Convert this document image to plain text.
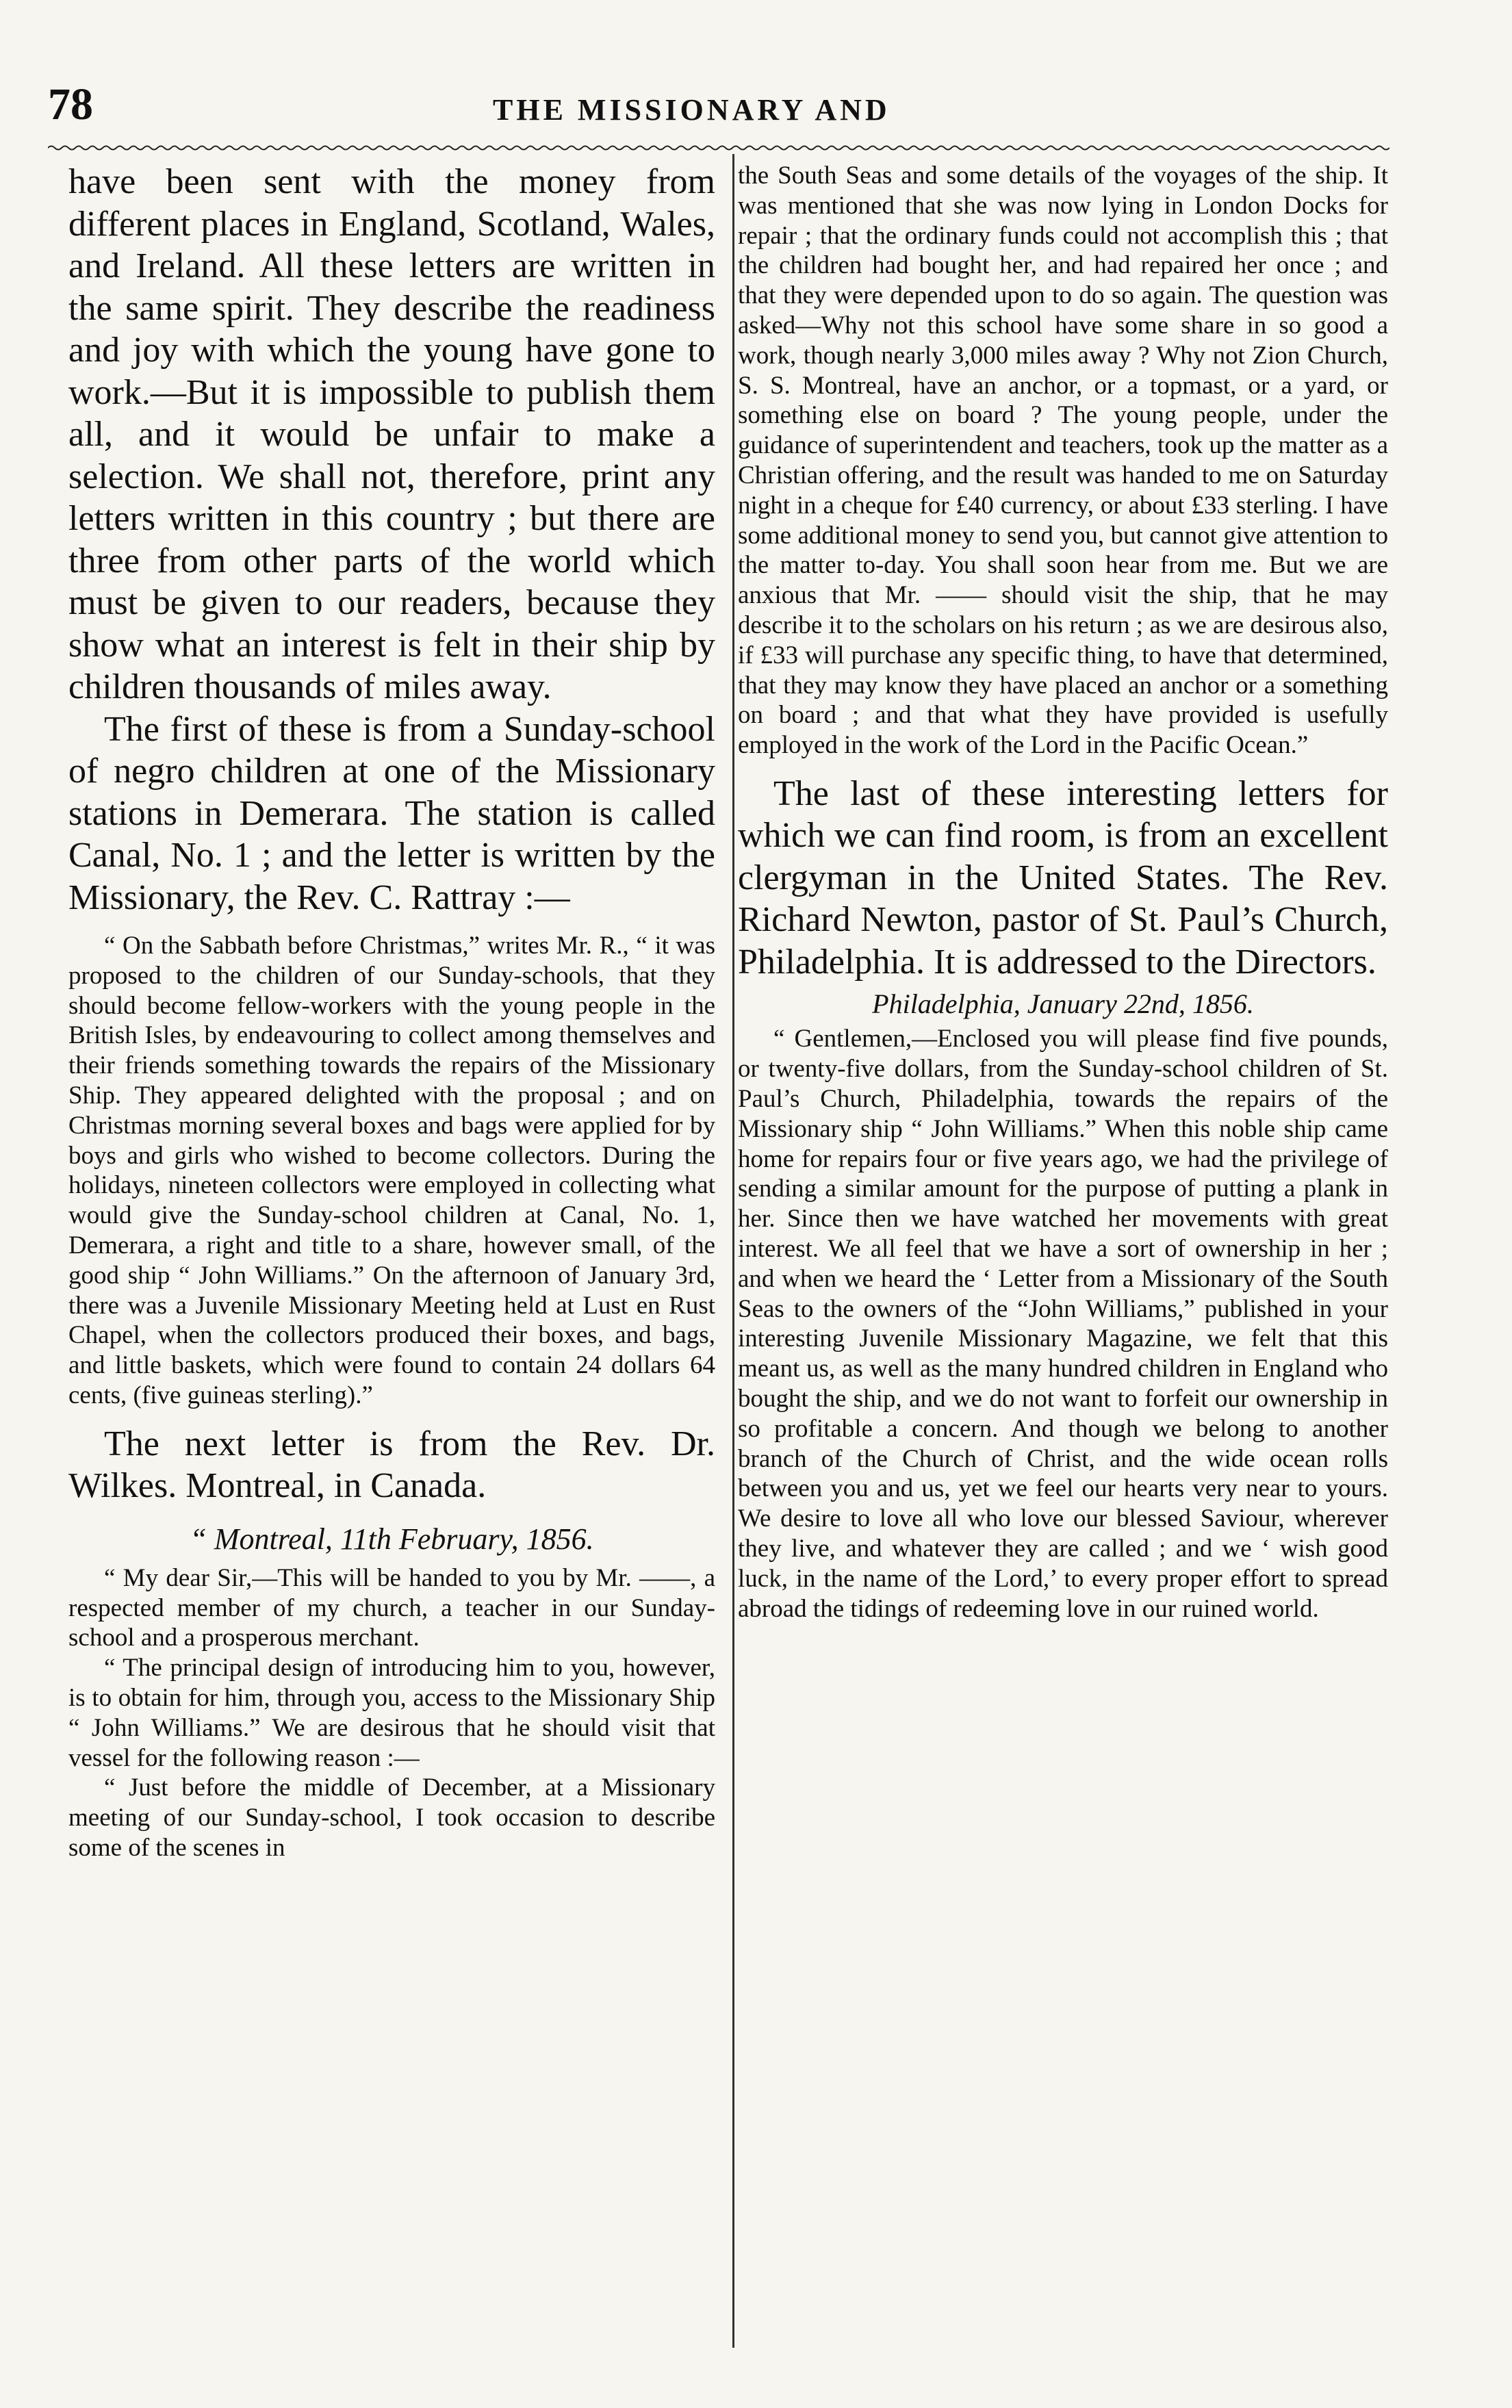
78	THE MISSIONARY AND

have been sent with the money from different places in England, Scotland, Wales, and Ireland. All these letters are written in the same spirit. They describe the readiness and joy with which the young have gone to work.—But it is impossible to publish them all, and it would be unfair to make a selection. We shall not, therefore, print any letters written in this country ; but there are three from other parts of the world which must be given to our readers, because they show what an interest is felt in their ship by children thousands of miles away.

The first of these is from a Sunday-school of negro children at one of the Missionary stations in Demerara. The station is called Canal, No. 1 ; and the letter is written by the Missionary, the Rev. C. Rattray :—

“ On the Sabbath before Christmas,” writes Mr. R., “ it was proposed to the children of our Sunday-schools, that they should become fellow-workers with the young people in the British Isles, by endeavouring to collect among themselves and their friends something towards the repairs of the Missionary Ship. They appeared delighted with the proposal ; and on Christmas morning several boxes and bags were applied for by boys and girls who wished to become collectors. During the holidays, nineteen collectors were employed in collecting what would give the Sunday-school children at Canal, No. 1, Demerara, a right and title to a share, however small, of the good ship “ John Williams.” On the afternoon of January 3rd, there was a Juvenile Missionary Meeting held at Lust en Rust Chapel, when the collectors produced their boxes, and bags, and little baskets, which were found to contain 24 dollars 64 cents, (five guineas sterling).”

The next letter is from the Rev. Dr. Wilkes. Montreal, in Canada.

“ Montreal, 11th February, 1856.

“ My dear Sir,—This will be handed to you by Mr. ——, a respected member of my church, a teacher in our Sunday-school and a prosperous merchant.

“ The principal design of introducing him to you, however, is to obtain for him, through you, access to the Missionary Ship “ John Williams.” We are desirous that he should visit that vessel for the following reason :—

“ Just before the middle of December, at a Missionary meeting of our Sunday-school, I took occasion to describe some of the scenes in

the South Seas and some details of the voyages of the ship. It was mentioned that she was now lying in London Docks for repair ; that the ordinary funds could not accomplish this ; that the children had bought her, and had repaired her once ; and that they were depended upon to do so again. The question was asked—Why not this school have some share in so good a work, though nearly 3,000 miles away ? Why not Zion Church, S. S. Montreal, have an anchor, or a topmast, or a yard, or something else on board ? The young people, under the guidance of superintendent and teachers, took up the matter as a Christian offering, and the result was handed to me on Saturday night in a cheque for £40 currency, or about £33 sterling. I have some additional money to send you, but cannot give attention to the matter to-day. You shall soon hear from me. But we are anxious that Mr. —— should visit the ship, that he may describe it to the scholars on his return ; as we are desirous also, if £33 will purchase any specific thing, to have that determined, that they may know they have placed an anchor or a something on board ; and that what they have provided is usefully employed in the work of the Lord in the Pacific Ocean.”

The last of these interesting letters for which we can find room, is from an excellent clergyman in the United States. The Rev. Richard Newton, pastor of St. Paul’s Church, Philadelphia. It is addressed to the Directors.

Philadelphia, January 22nd, 1856.

“ Gentlemen,—Enclosed you will please find five pounds, or twenty-five dollars, from the Sunday-school children of St. Paul’s Church, Philadelphia, towards the repairs of the Missionary ship “ John Williams.” When this noble ship came home for repairs four or five years ago, we had the privilege of sending a similar amount for the purpose of putting a plank in her. Since then we have watched her movements with great interest. We all feel that we have a sort of ownership in her ; and when we heard the ‘ Letter from a Missionary of the South Seas to the owners of the “John Williams,” published in your interesting Juvenile Missionary Magazine, we felt that this meant us, as well as the many hundred children in England who bought the ship, and we do not want to forfeit our ownership in so profitable a concern. And though we belong to another branch of the Church of Christ, and the wide ocean rolls between you and us, yet we feel our hearts very near to yours. We desire to love all who love our blessed Saviour, wherever they live, and whatever they are called ; and we ‘ wish good luck, in the name of the Lord,’ to every proper effort to spread abroad the tidings of redeeming love in our ruined world.
